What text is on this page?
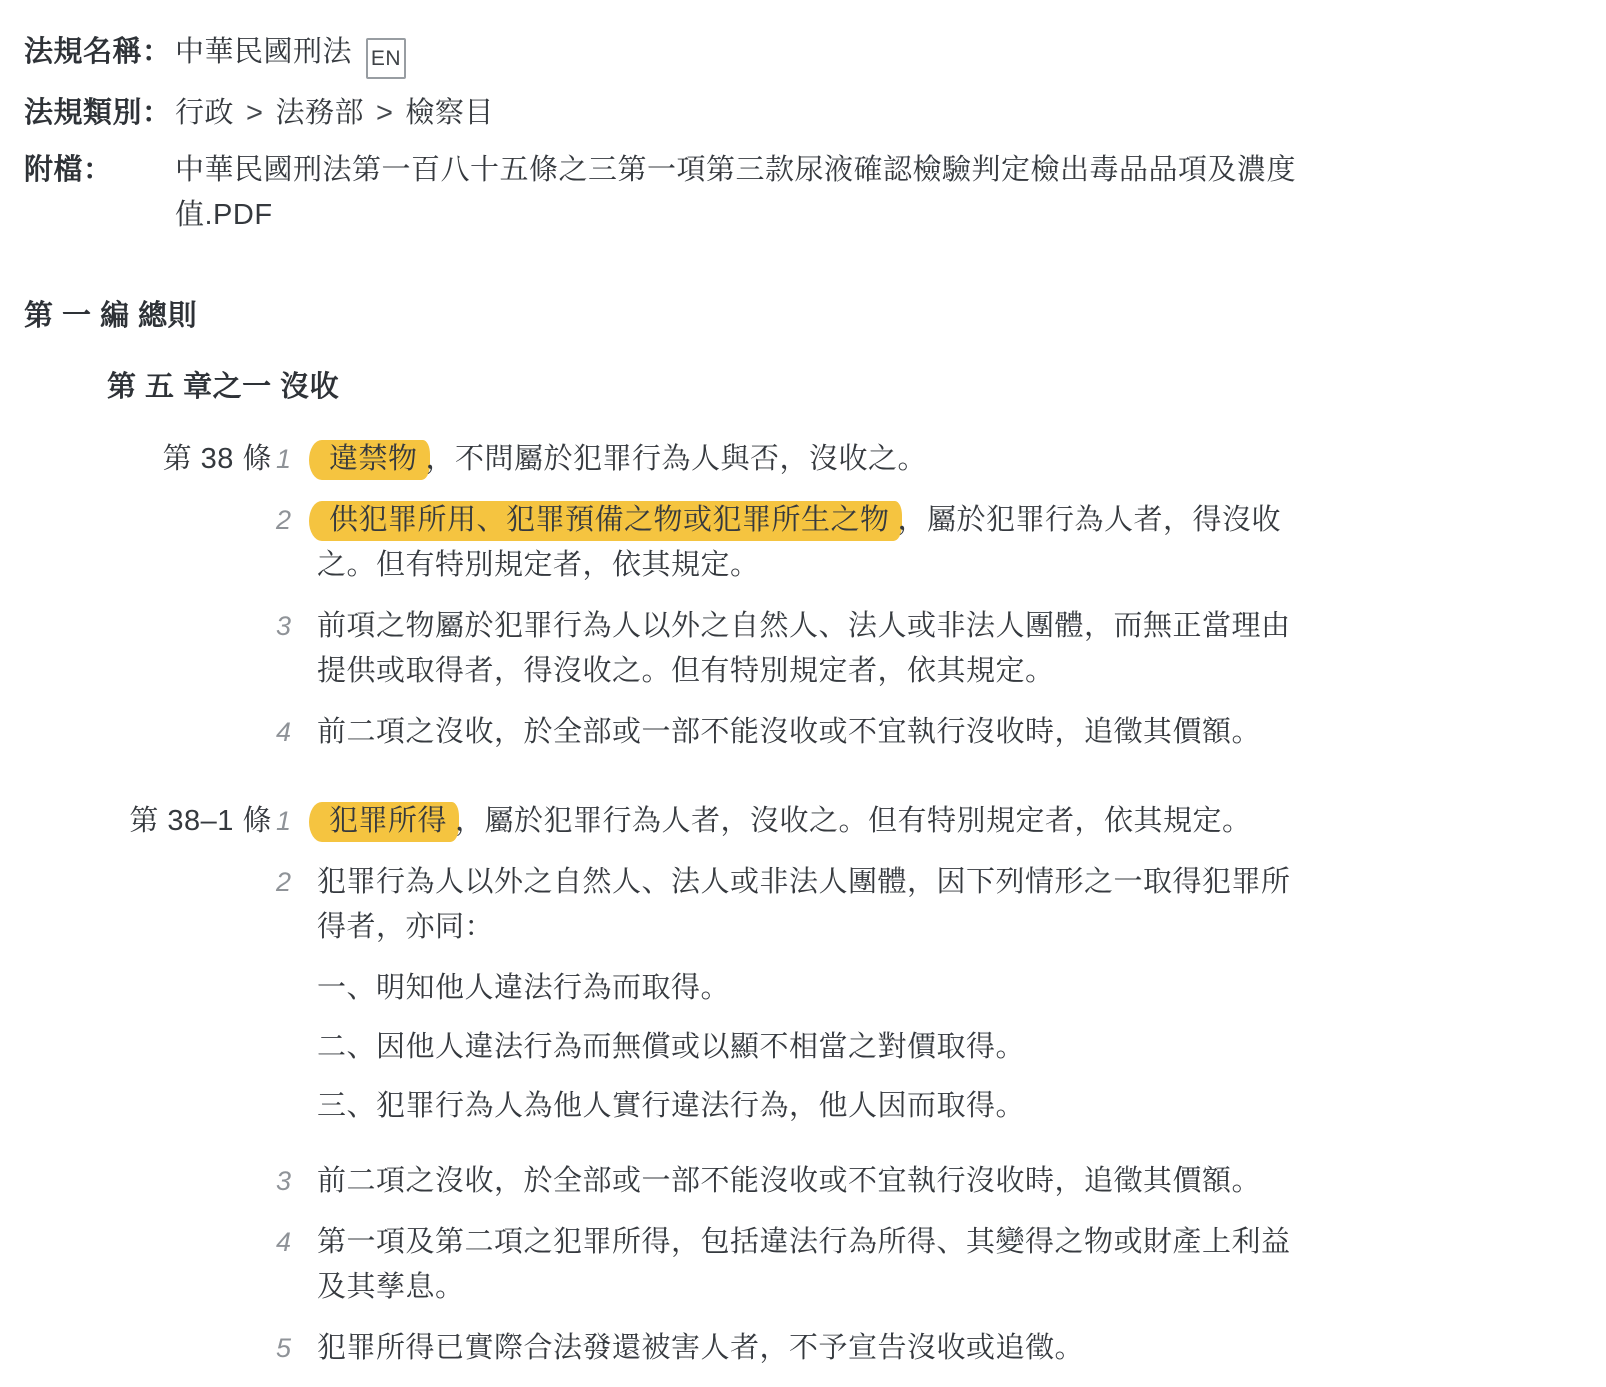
法規名稱： 中華民國刑法 EN
法規類別： 行政 > 法務部 > 檢察目
附檔：	中華民國刑法第一百八十五條之三第一項第三款尿液確認檢驗判定檢出毒品品項及濃度值.PDF
第 一 編 總則
第 五 章之一 沒收
第 38 條 1	違禁物 ，不問屬於犯罪行為人與否，沒收之。
2	供犯罪所用、犯罪預備之物或犯罪所生之物 ，屬於犯罪行為人者，得沒收之。但有特別規定者，依其規定。
3 前項之物屬於犯罪行為人以外之自然人、法人或非法人團體，而無正當理由提供或取得者，得沒收之。但有特別規定者，依其規定。
4 前二項之沒收，於全部或一部不能沒收或不宜執行沒收時，追徵其價額。
第 38–1 條 1	犯罪所得 ，屬於犯罪行為人者，沒收之。但有特別規定者，依其規定。
2 犯罪行為人以外之自然人、法人或非法人團體，因下列情形之一取得犯罪所得者，亦同：
一、明知他人違法行為而取得。
二、因他人違法行為而無償或以顯不相當之對價取得。
三、犯罪行為人為他人實行違法行為，他人因而取得。
3 前二項之沒收，於全部或一部不能沒收或不宜執行沒收時，追徵其價額。
4 第一項及第二項之犯罪所得，包括違法行為所得、其變得之物或財產上利益及其孳息。
5 犯罪所得已實際合法發還被害人者，不予宣告沒收或追徵。
